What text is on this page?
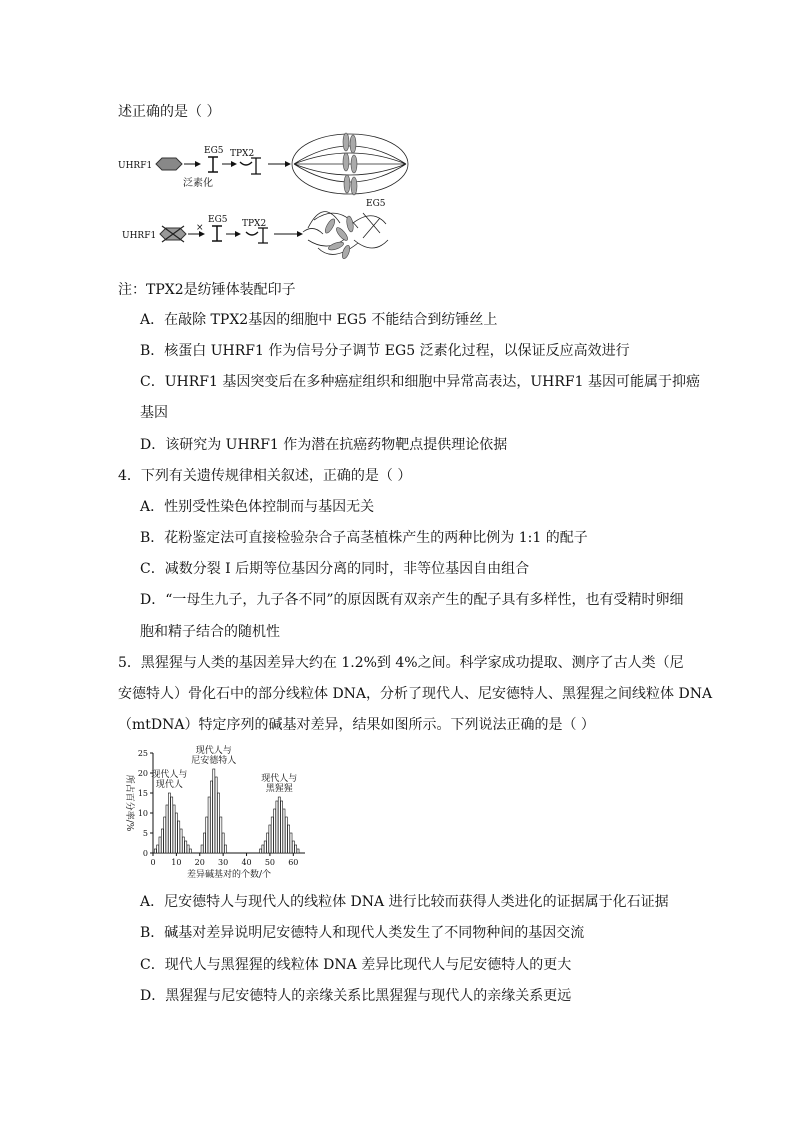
述正确的是（ ）
UHRF1
EG5
泛素化
TPX2
UHRF1
×
EG5 TPX2
EG5
注：TPX2是纺锤体装配印子
A．在敲除 TPX2基因的细胞中 EG5 不能结合到纺锤丝上
B．核蛋白 UHRF1 作为信号分子调节 EG5 泛素化过程，以保证反应高效进行
C．UHRF1 基因突变后在多种癌症组织和细胞中异常高表达，UHRF1 基因可能属于抑癌
基因
D．该研究为 UHRF1 作为潜在抗癌药物靶点提供理论依据
4．下列有关遗传规律相关叙述，正确的是（ ）
A．性别受性染色体控制而与基因无关
B．花粉鉴定法可直接检验杂合子高茎植株产生的两种比例为 1:1 的配子
C．减数分裂 I 后期等位基因分离的同时，非等位基因自由组合
D．“一母生九子，九子各不同”的原因既有双亲产生的配子具有多样性，也有受精时卵细
胞和精子结合的随机性
5．黑猩猩与人类的基因差异大约在 1.2%到 4%之间。科学家成功提取、测序了古人类（尼
安德特人）骨化石中的部分线粒体 DNA，分析了现代人、尼安德特人、黑猩猩之间线粒体 DNA
（mtDNA）特定序列的碱基对差异，结果如图所示。下列说法正确的是（ ）
0
5
10
15
20
25
0 10 20 30 40 50 60
现代人与
现代人
现代人与
尼安德特人
现代人与
黑猩猩
差异碱基对的个数/个
所占百分率/%
A．尼安德特人与现代人的线粒体 DNA 进行比较而获得人类进化的证据属于化石证据
B．碱基对差异说明尼安德特人和现代人类发生了不同物种间的基因交流
C．现代人与黑猩猩的线粒体 DNA 差异比现代人与尼安德特人的更大
D．黑猩猩与尼安德特人的亲缘关系比黑猩猩与现代人的亲缘关系更远
